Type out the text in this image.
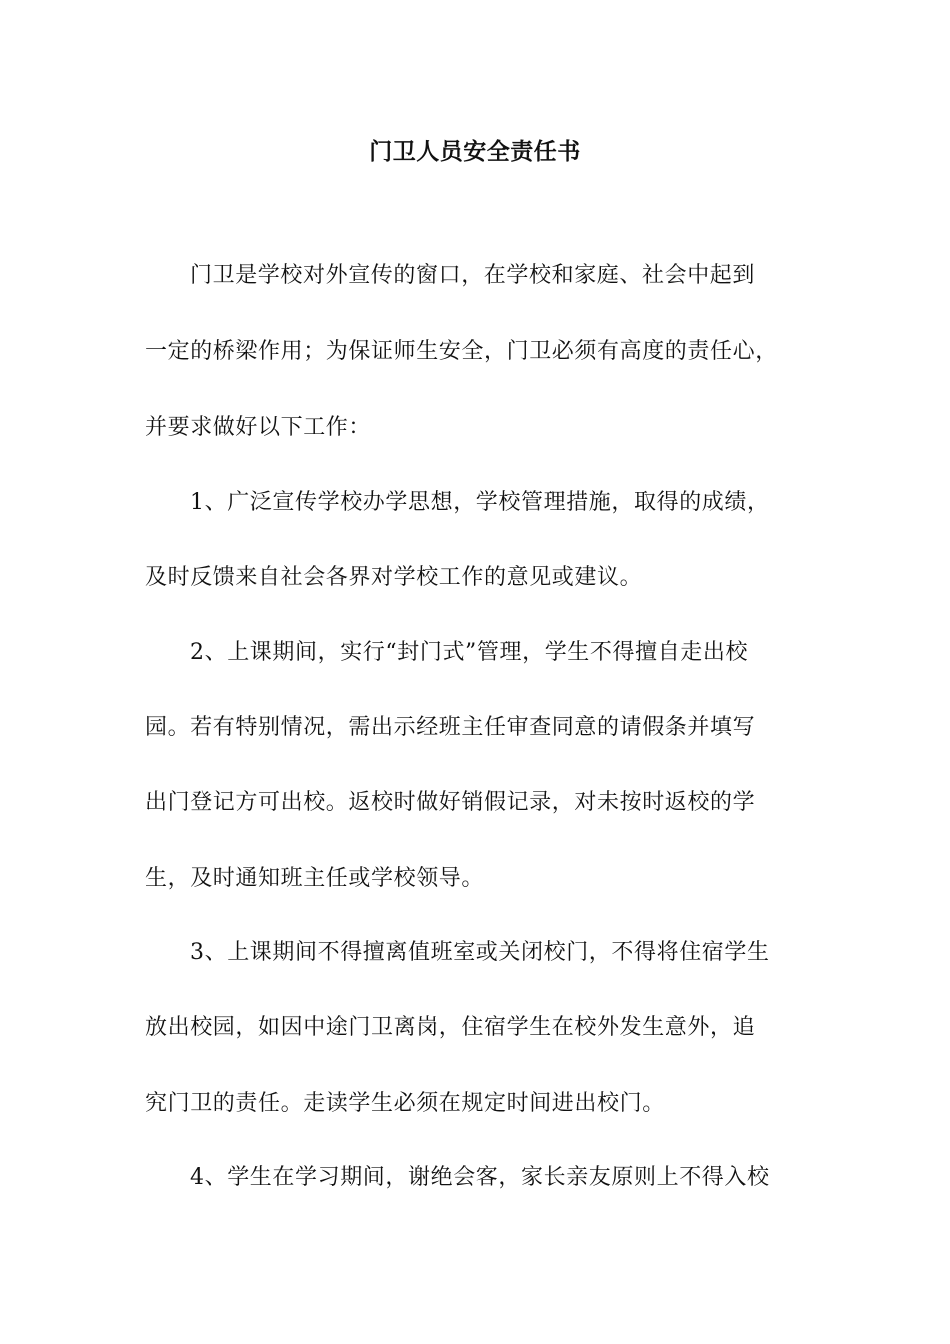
门卫人员安全责任书

门卫是学校对外宣传的窗口，在学校和家庭、社会中起到

一定的桥梁作用；为保证师生安全，门卫必须有高度的责任心，

并要求做好以下工作：

1、广泛宣传学校办学思想，学校管理措施，取得的成绩，

及时反馈来自社会各界对学校工作的意见或建议。

2、上课期间，实行“封门式”管理，学生不得擅自走出校

园。若有特别情况，需出示经班主任审查同意的请假条并填写

出门登记方可出校。返校时做好销假记录，对未按时返校的学

生，及时通知班主任或学校领导。

3、上课期间不得擅离值班室或关闭校门，不得将住宿学生

放出校园，如因中途门卫离岗，住宿学生在校外发生意外，追

究门卫的责任。走读学生必须在规定时间进出校门。

4、学生在学习期间，谢绝会客，家长亲友原则上不得入校
